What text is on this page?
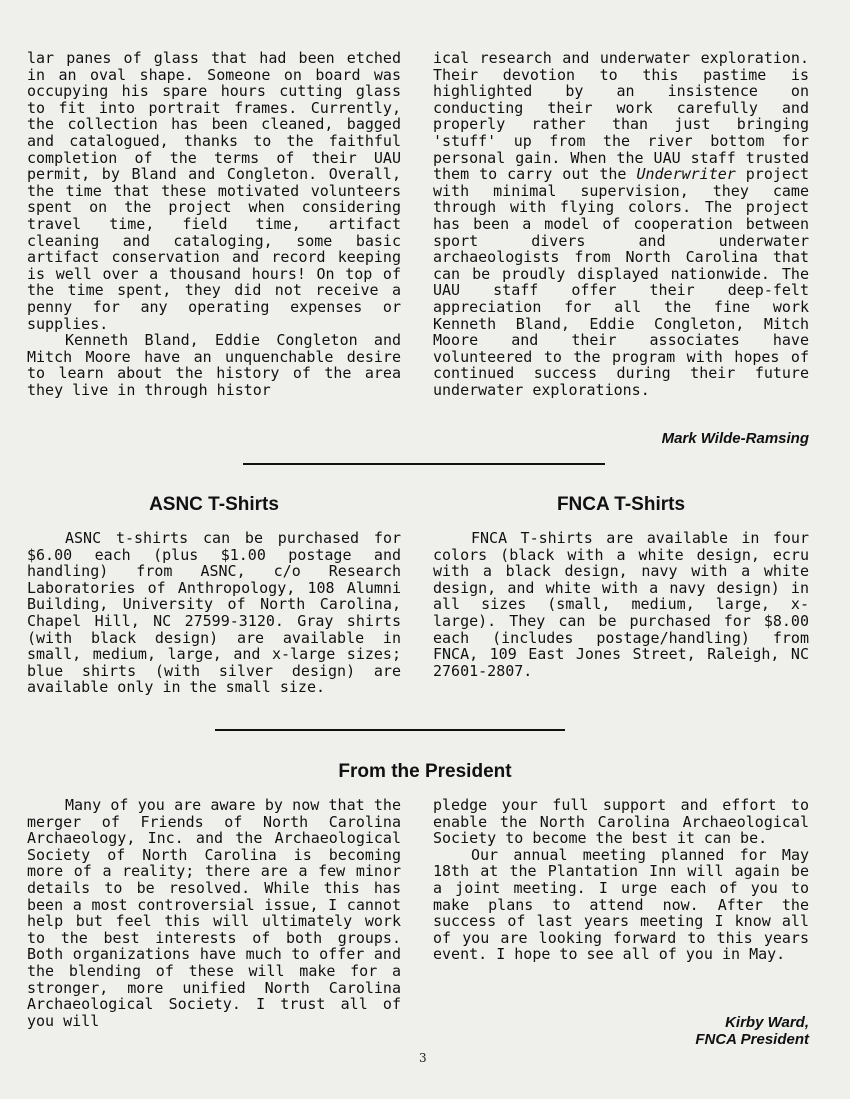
lar panes of glass that had been etched in an oval shape. Someone on board was occupying his spare hours cutting glass to fit into portrait frames. Currently, the collection has been cleaned, bagged and catalogued, thanks to the faithful completion of the terms of their UAU permit, by Bland and Congleton. Overall, the time that these motivated volunteers spent on the project when considering travel time, field time, artifact cleaning and cataloging, some basic artifact conservation and record keeping is well over a thousand hours! On top of the time spent, they did not receive a penny for any operating expenses or supplies.

Kenneth Bland, Eddie Congleton and Mitch Moore have an unquenchable desire to learn about the history of the area they live in through histor

ical research and underwater exploration. Their devotion to this pastime is highlighted by an insistence on conducting their work carefully and properly rather than just bringing 'stuff' up from the river bottom for personal gain. When the UAU staff trusted them to carry out the Underwriter project with minimal supervision, they came through with flying colors. The project has been a model of cooperation between sport divers and underwater archaeologists from North Carolina that can be proudly displayed nationwide. The UAU staff offer their deep-felt appreciation for all the fine work Kenneth Bland, Eddie Congleton, Mitch Moore and their associates have volunteered to the program with hopes of continued success during their future underwater explorations.

Mark Wilde-Ramsing
ASNC T-Shirts

ASNC t-shirts can be purchased for $6.00 each (plus $1.00 postage and handling) from ASNC, c/o Research Laboratories of Anthropology, 108 Alumni Building, University of North Carolina, Chapel Hill, NC 27599-3120. Gray shirts (with black design) are available in small, medium, large, and x-large sizes; blue shirts (with silver design) are available only in the small size.

FNCA T-Shirts

FNCA T-shirts are available in four colors (black with a white design, ecru with a black design, navy with a white design, and white with a navy design) in all sizes (small, medium, large, x-large). They can be purchased for $8.00 each (includes postage/handling) from FNCA, 109 East Jones Street, Raleigh, NC 27601-2807.

From the President

Many of you are aware by now that the merger of Friends of North Carolina Archaeology, Inc. and the Archaeological Society of North Carolina is becoming more of a reality; there are a few minor details to be resolved. While this has been a most controversial issue, I cannot help but feel this will ultimately work to the best interests of both groups. Both organizations have much to offer and the blending of these will make for a stronger, more unified North Carolina Archaeological Society. I trust all of you will

pledge your full support and effort to enable the North Carolina Archaeological Society to become the best it can be.

Our annual meeting planned for May 18th at the Plantation Inn will again be a joint meeting. I urge each of you to make plans to attend now. After the success of last years meeting I know all of you are looking forward to this years event. I hope to see all of you in May.

Kirby Ward,
FNCA President
3
